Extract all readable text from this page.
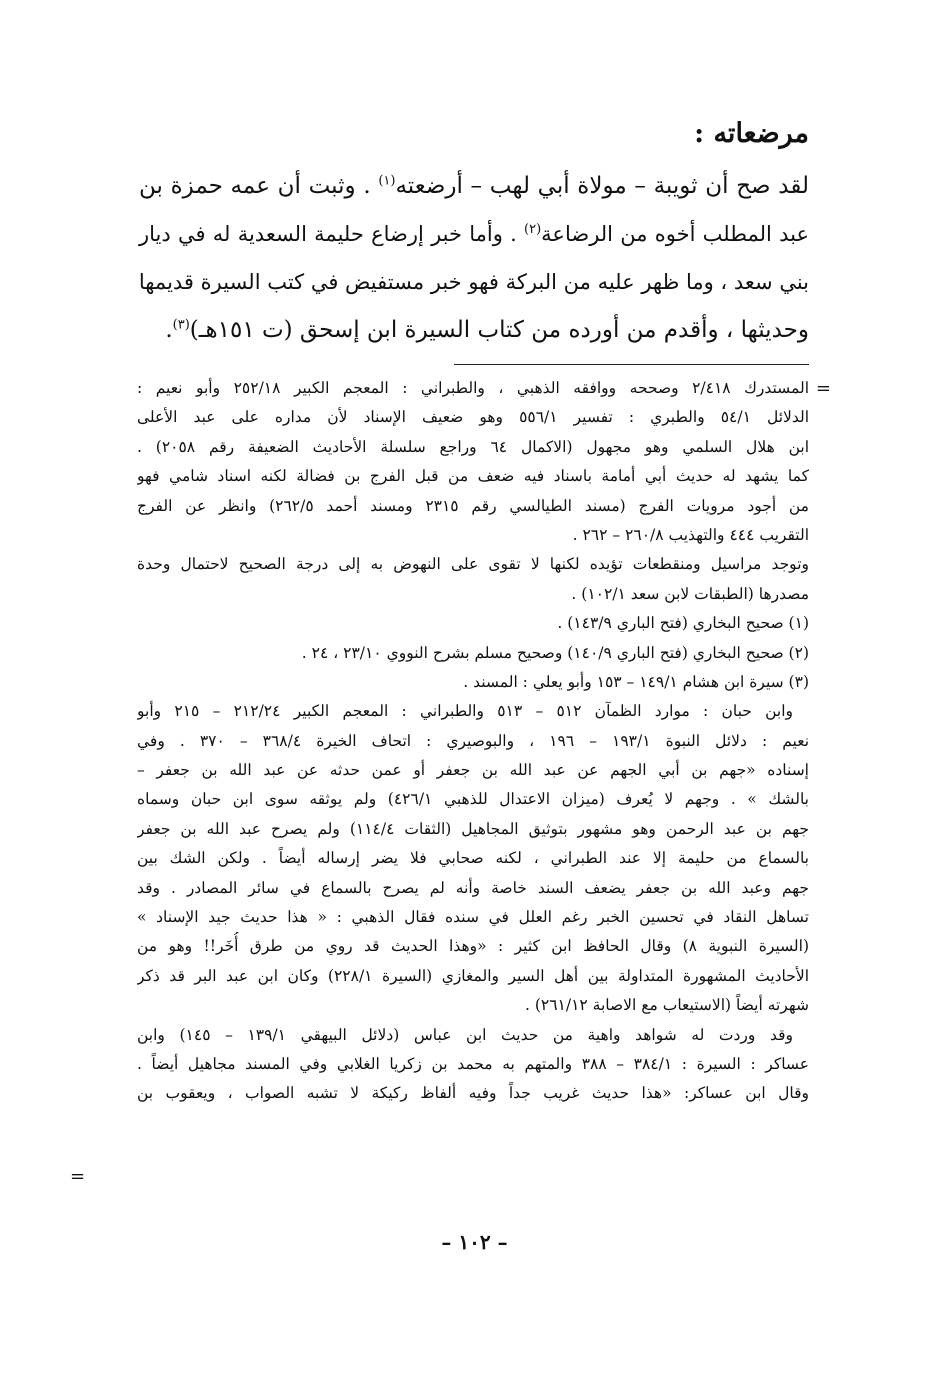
مرضعاته :
لقد صح أن ثويبة – مولاة أبي لهب – أرضعته$^{(١)}$ . وثبت أن عمه حمزة بن
عبد المطلب أخوه من الرضاعة$^{(٢)}$ . وأما خبر إرضاع حليمة السعدية له في ديار
بني سعد ، وما ظهر عليه من البركة فهو خبر مستفيض في كتب السيرة قديمها
وحديثها ، وأقدم من أورده من كتاب السيرة ابن إسحق (ت ١٥١هـ)$^{(٣)}$.
=
المستدرك ٢/٤١٨ وصححه ووافقه الذهبي ، والطبراني : المعجم الكبير ٢٥٢/١٨ وأبو نعيم :
الدلائل ٥٤/١ والطبري : تفسير ٥٥٦/١ وهو ضعيف الإسناد لأن مداره على عبد الأعلى
ابن هلال السلمي وهو مجهول (الاكمال ٦٤ وراجع سلسلة الأحاديث الضعيفة رقم ٢٠٥٨) .
كما يشهد له حديث أبي أمامة باسناد فيه ضعف من قبل الفرج بن فضالة لكنه اسناد شامي فهو
من أجود مرويات الفرج (مسند الطيالسي رقم ٢٣١٥ ومسند أحمد ٢٦٢/٥) وانظر عن الفرج
التقريب ٤٤٤ والتهذيب ٢٦٠/٨ – ٢٦٢ .
وتوجد مراسيل ومنقطعات تؤيده لكنها لا تقوى على النهوض به إلى درجة الصحيح لاحتمال وحدة
مصدرها (الطبقات لابن سعد ١٠٢/١) .
(١) صحيح البخاري (فتح الباري ١٤٣/٩) .
(٢) صحيح البخاري (فتح الباري ١٤٠/٩) وصحيح مسلم بشرح النووي ٢٣/١٠ ، ٢٤ .
(٣) سيرة ابن هشام ١٤٩/١ – ١٥٣ وأبو يعلي : المسند .
وابن حبان : موارد الظمآن ٥١٢ – ٥١٣ والطبراني : المعجم الكبير ٢١٢/٢٤ – ٢١٥ وأبو
نعيم : دلائل النبوة ١٩٣/١ – ١٩٦ ، والبوصيري : اتحاف الخيرة ٣٦٨/٤ – ٣٧٠ . وفي
إسناده «جهم بن أبي الجهم عن عبد الله بن جعفر أو عمن حدثه عن عبد الله بن جعفر –
بالشك » . وجهم لا يُعرف (ميزان الاعتدال للذهبي ٤٢٦/١) ولم يوثقه سوى ابن حبان وسماه
جهم بن عبد الرحمن وهو مشهور بتوثيق المجاهيل (الثقات ١١٤/٤) ولم يصرح عبد الله بن جعفر
بالسماع من حليمة إلا عند الطبراني ، لكنه صحابي فلا يضر إرساله أيضاً . ولكن الشك بين
جهم وعبد الله بن جعفر يضعف السند خاصة وأنه لم يصرح بالسماع في سائر المصادر . وقد
تساهل النقاد في تحسين الخبر رغم العلل في سنده فقال الذهبي : « هذا حديث جيد الإسناد »
(السيرة النبوية ٨) وقال الحافظ ابن كثير : «وهذا الحديث قد روي من طرق أُخَر!! وهو من
الأحاديث المشهورة المتداولة بين أهل السير والمغازي (السيرة ٢٢٨/١) وكان ابن عبد البر قد ذكر
شهرته أيضاً (الاستيعاب مع الاصابة ٢٦١/١٢) .
وقد وردت له شواهد واهية من حديث ابن عباس (دلائل البيهقي ١٣٩/١ – ١٤٥) وابن
عساكر : السيرة : ٣٨٤/١ – ٣٨٨ والمتهم به محمد بن زكريا الغلابي وفي المسند مجاهيل أيضاً .
وقال ابن عساكر: «هذا حديث غريب جداً وفيه ألفاظ ركيكة لا تشبه الصواب ، ويعقوب بن
=
– ١٠٢ –
